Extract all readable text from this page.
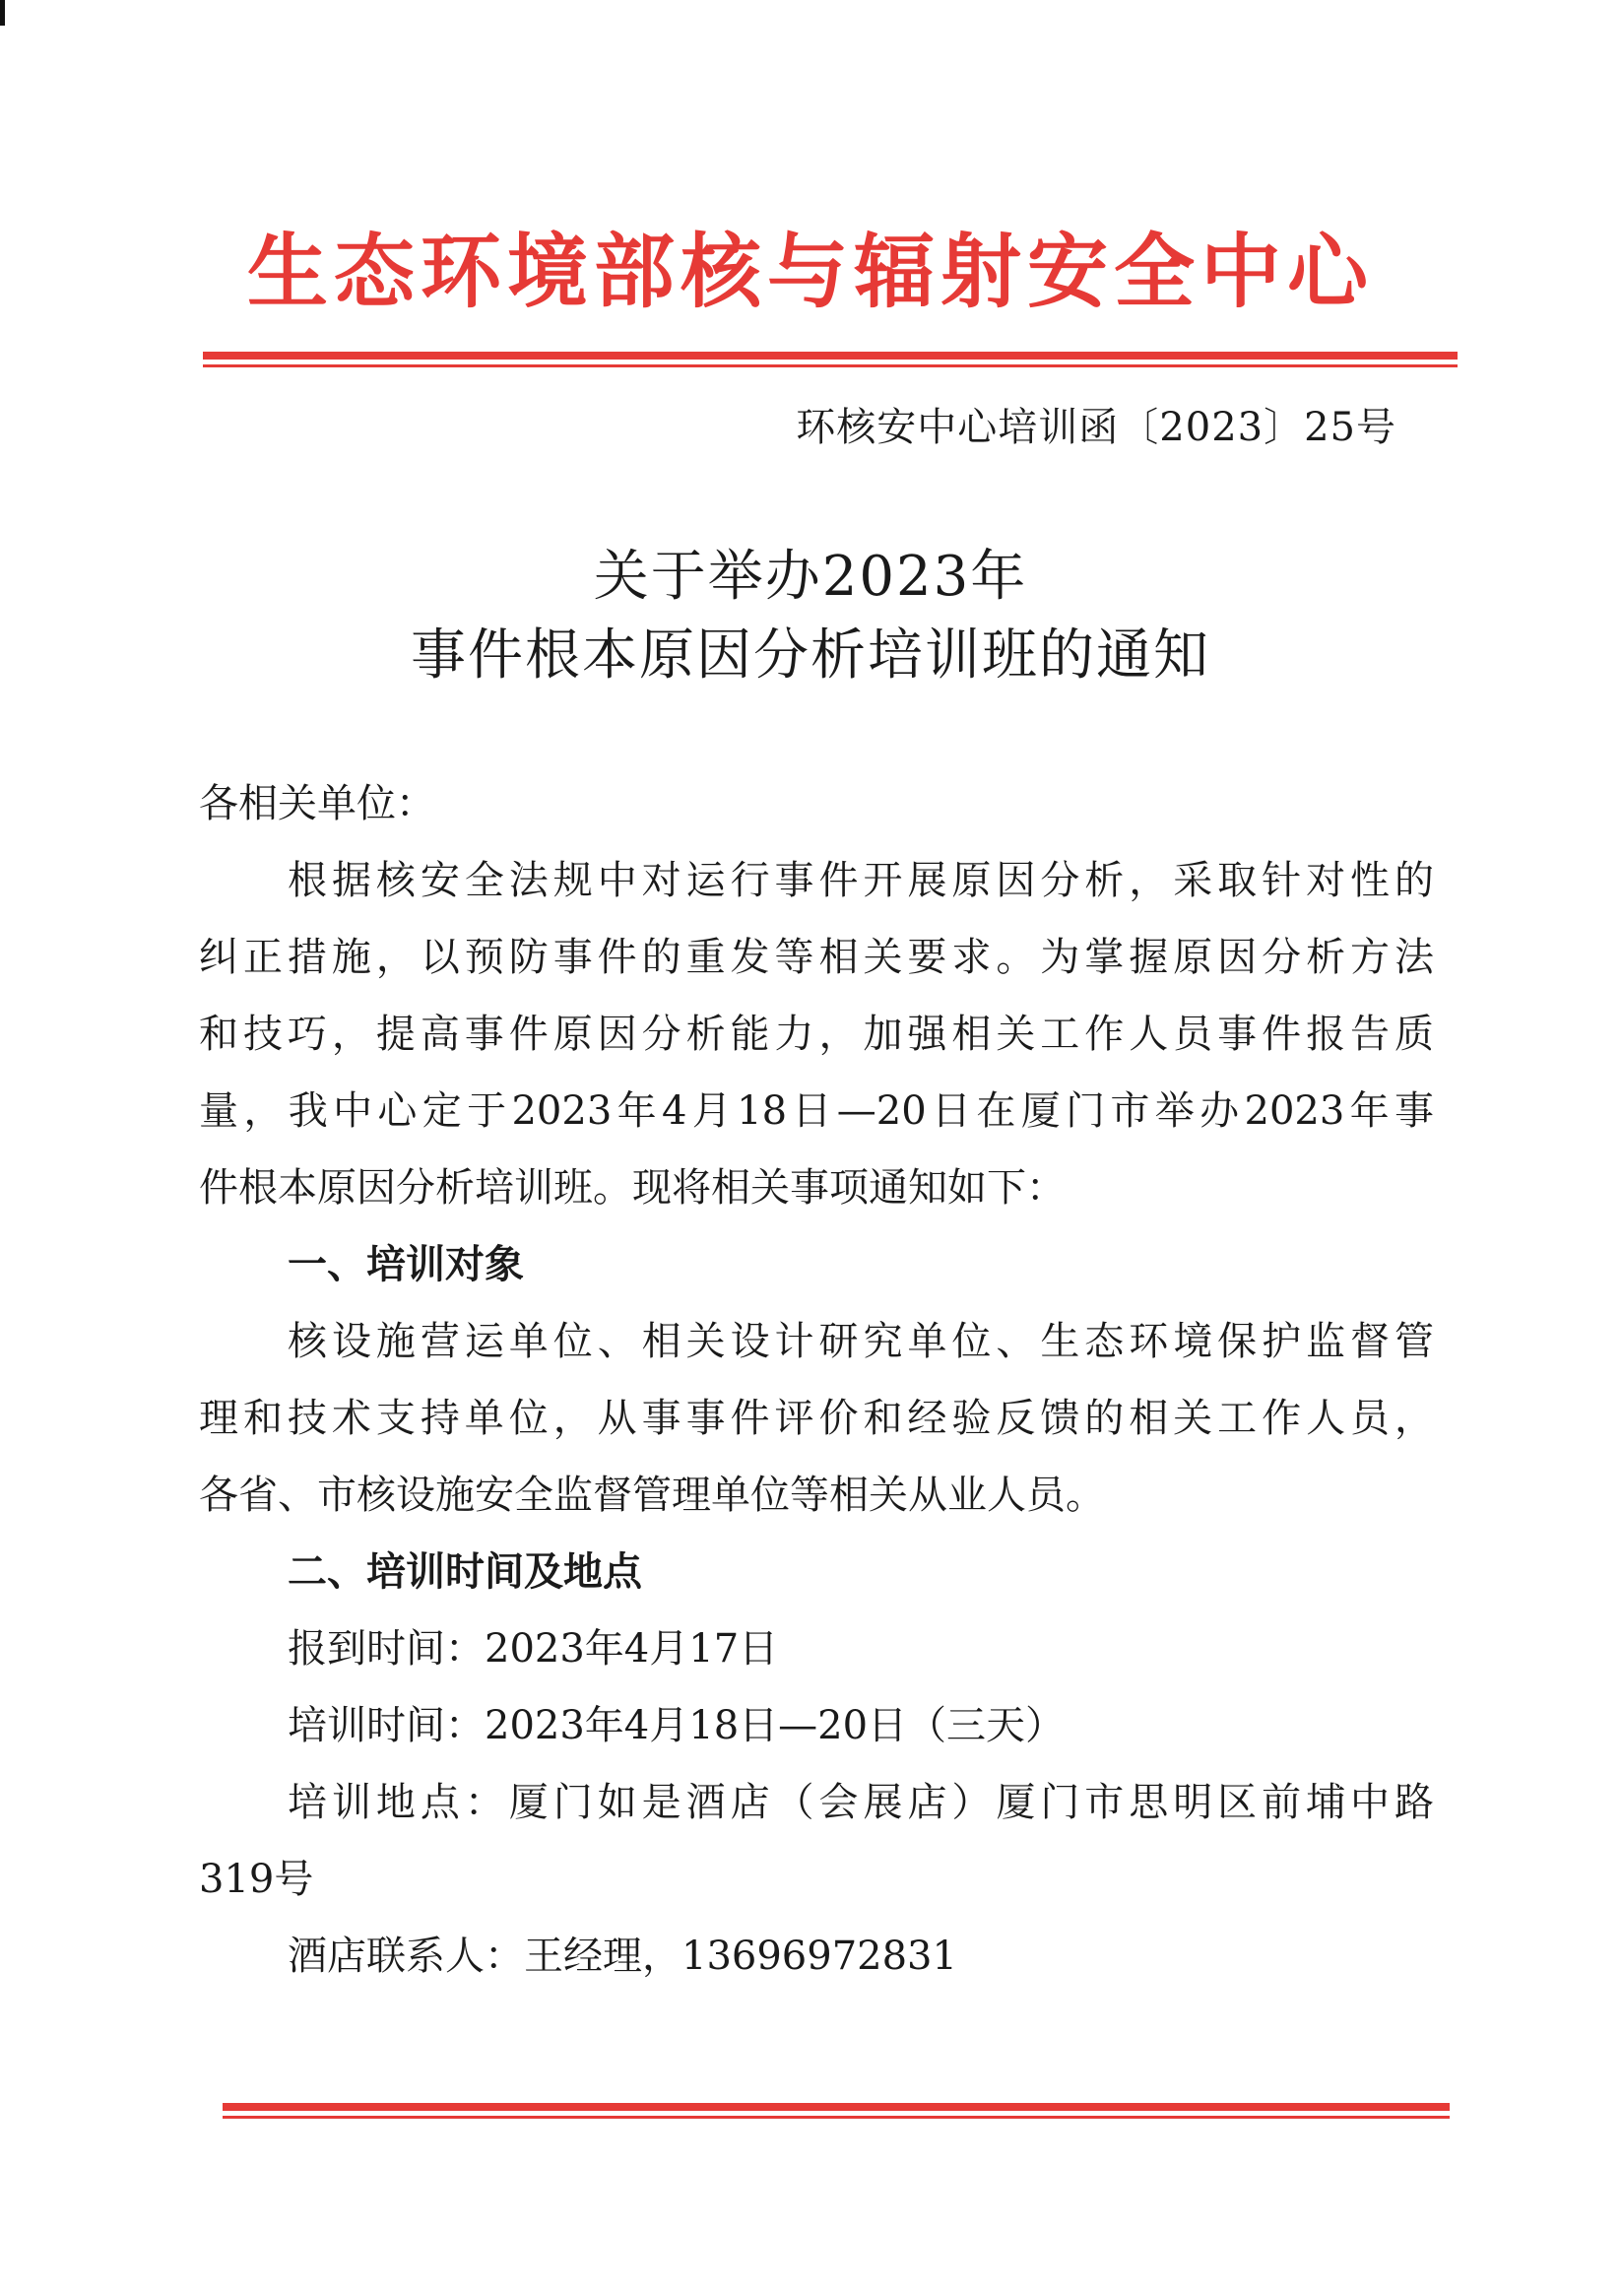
生态环境部核与辐射安全中心
环核安中心培训函〔2023〕25号
关于举办2023年
事件根本原因分析培训班的通知
各相关单位：
根据核安全法规中对运行事件开展原因分析，采取针对性的
纠正措施，以预防事件的重发等相关要求。为掌握原因分析方法
和技巧，提高事件原因分析能力，加强相关工作人员事件报告质
量，我中心定于2023年4月18日—20日在厦门市举办2023年事
件根本原因分析培训班。现将相关事项通知如下：
一、培训对象
核设施营运单位、相关设计研究单位、生态环境保护监督管
理和技术支持单位，从事事件评价和经验反馈的相关工作人员，
各省、市核设施安全监督管理单位等相关从业人员。
二、培训时间及地点
报到时间：2023年4月17日
培训时间：2023年4月18日—20日（三天）
培训地点：厦门如是酒店（会展店）厦门市思明区前埔中路
319号
酒店联系人：王经理，13696972831
